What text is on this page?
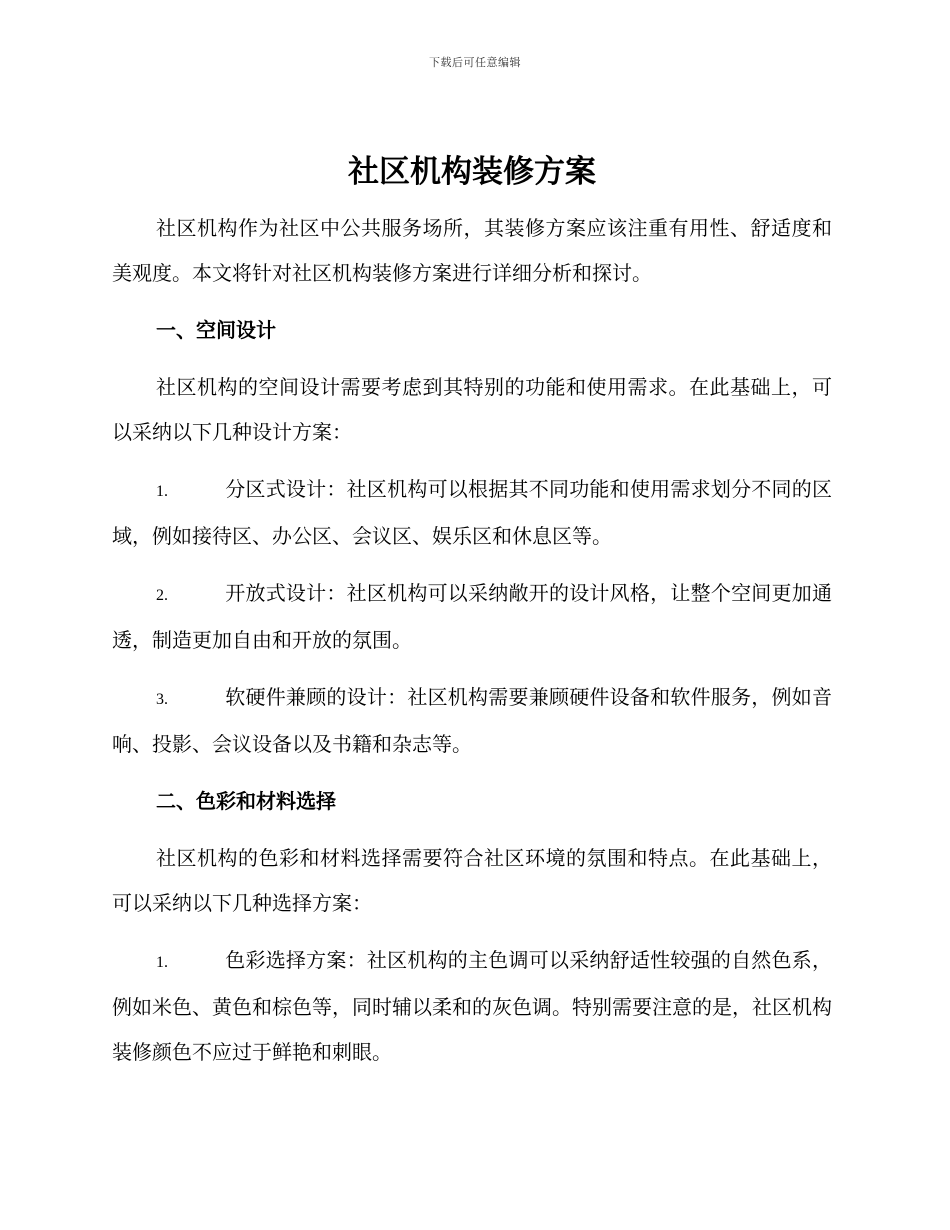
下载后可任意编辑
社区机构装修方案

社区机构作为社区中公共服务场所，其装修方案应该注重有用性、舒适度和美观度。本文将针对社区机构装修方案进行详细分析和探讨。

一、空间设计

社区机构的空间设计需要考虑到其特别的功能和使用需求。在此基础上，可以采纳以下几种设计方案：

1.	分区式设计：社区机构可以根据其不同功能和使用需求划分不同的区域，例如接待区、办公区、会议区、娱乐区和休息区等。

2.	开放式设计：社区机构可以采纳敞开的设计风格，让整个空间更加通透，制造更加自由和开放的氛围。

3.	软硬件兼顾的设计：社区机构需要兼顾硬件设备和软件服务，例如音响、投影、会议设备以及书籍和杂志等。

二、色彩和材料选择

社区机构的色彩和材料选择需要符合社区环境的氛围和特点。在此基础上，可以采纳以下几种选择方案：

1.	色彩选择方案：社区机构的主色调可以采纳舒适性较强的自然色系，例如米色、黄色和棕色等，同时辅以柔和的灰色调。特别需要注意的是，社区机构装修颜色不应过于鲜艳和刺眼。
